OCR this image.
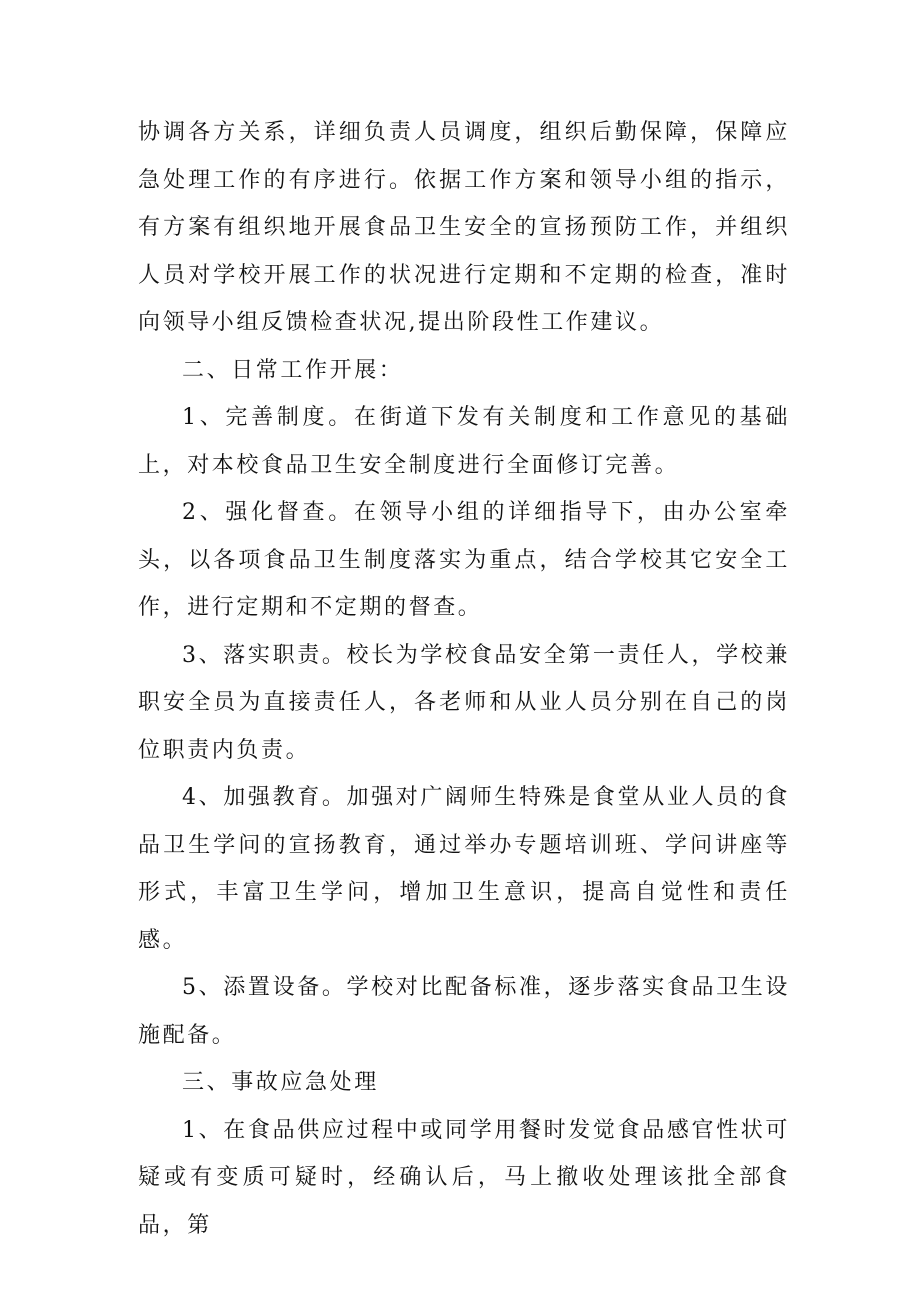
协调各方关系，详细负责人员调度，组织后勤保障，保障应急处理工作的有序进行。依据工作方案和领导小组的指示，有方案有组织地开展食品卫生安全的宣扬预防工作，并组织人员对学校开展工作的状况进行定期和不定期的检查，准时向领导小组反馈检查状况,提出阶段性工作建议。

二、日常工作开展：

1、完善制度。在街道下发有关制度和工作意见的基础上，对本校食品卫生安全制度进行全面修订完善。

2、强化督查。在领导小组的详细指导下，由办公室牵头，以各项食品卫生制度落实为重点，结合学校其它安全工作，进行定期和不定期的督查。

3、落实职责。校长为学校食品安全第一责任人，学校兼职安全员为直接责任人，各老师和从业人员分别在自己的岗位职责内负责。

4、加强教育。加强对广阔师生特殊是食堂从业人员的食品卫生学问的宣扬教育，通过举办专题培训班、学问讲座等形式，丰富卫生学问，增加卫生意识，提高自觉性和责任感。

5、添置设备。学校对比配备标准，逐步落实食品卫生设施配备。

三、事故应急处理

1、在食品供应过程中或同学用餐时发觉食品感官性状可疑或有变质可疑时，经确认后，马上撤收处理该批全部食品，第
